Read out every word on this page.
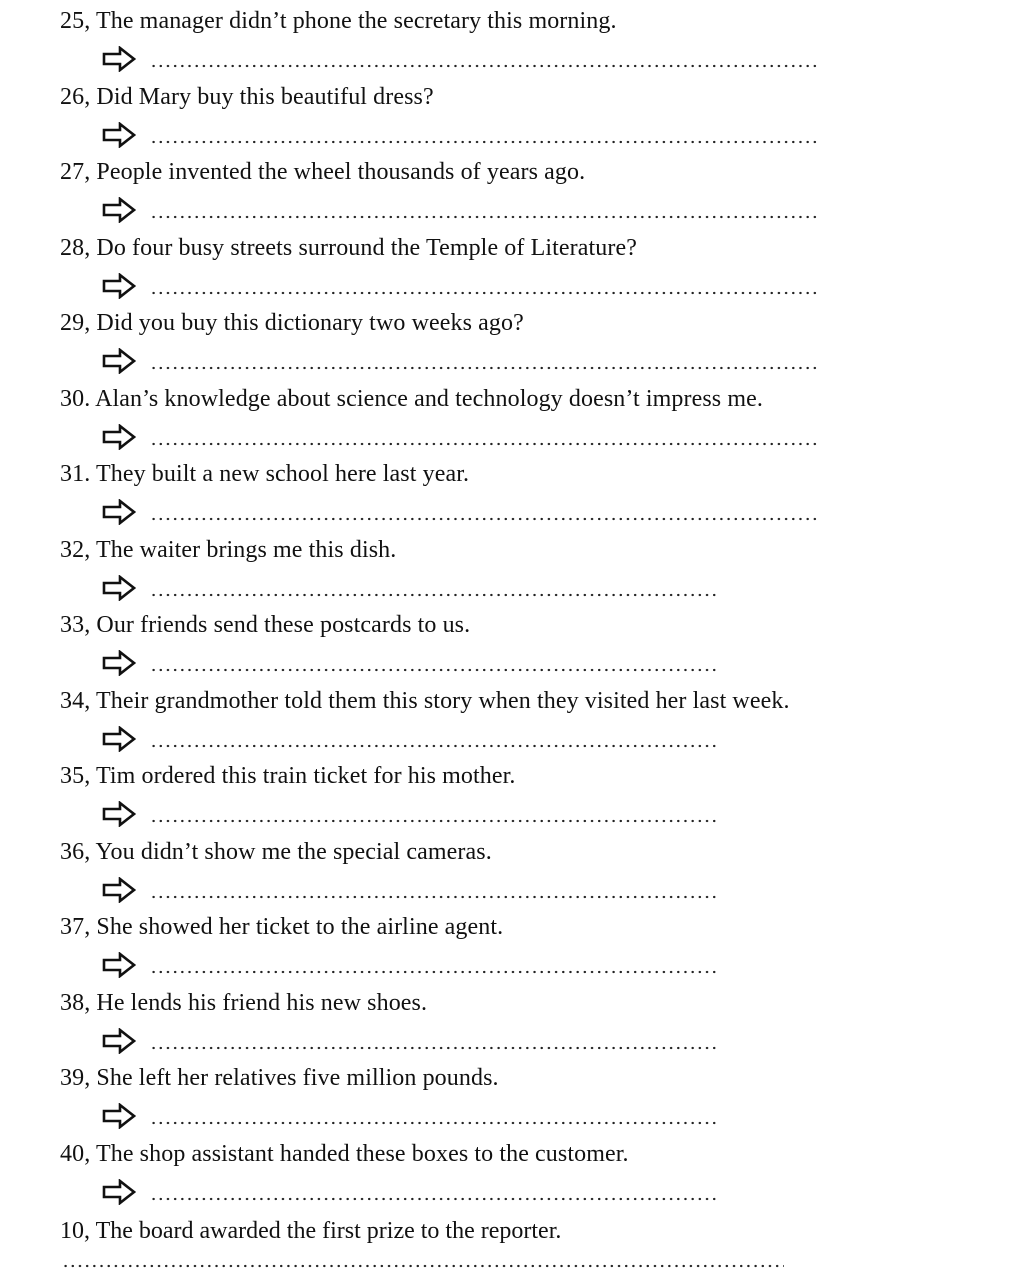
25, The manager didn’t phone the secretary this morning.
26, Did Mary buy this beautiful dress?
27, People invented the wheel thousands of years ago.
28, Do four busy streets surround the Temple of Literature?
29, Did you buy this dictionary two weeks ago?
30. Alan’s knowledge about science and technology doesn’t impress me.
31. They built a new school here last year.
32, The waiter brings me this dish.
33, Our friends send these postcards to us.
34, Their grandmother told them this story when they visited her last week.
35, Tim ordered this train ticket for his mother.
36, You didn’t show me the special cameras.
37, She showed her ticket to the airline agent.
38, He lends his friend his new shoes.
39, She left her relatives five million pounds.
40, The shop assistant handed these boxes to the customer.
10, The board awarded the first prize to the reporter.
